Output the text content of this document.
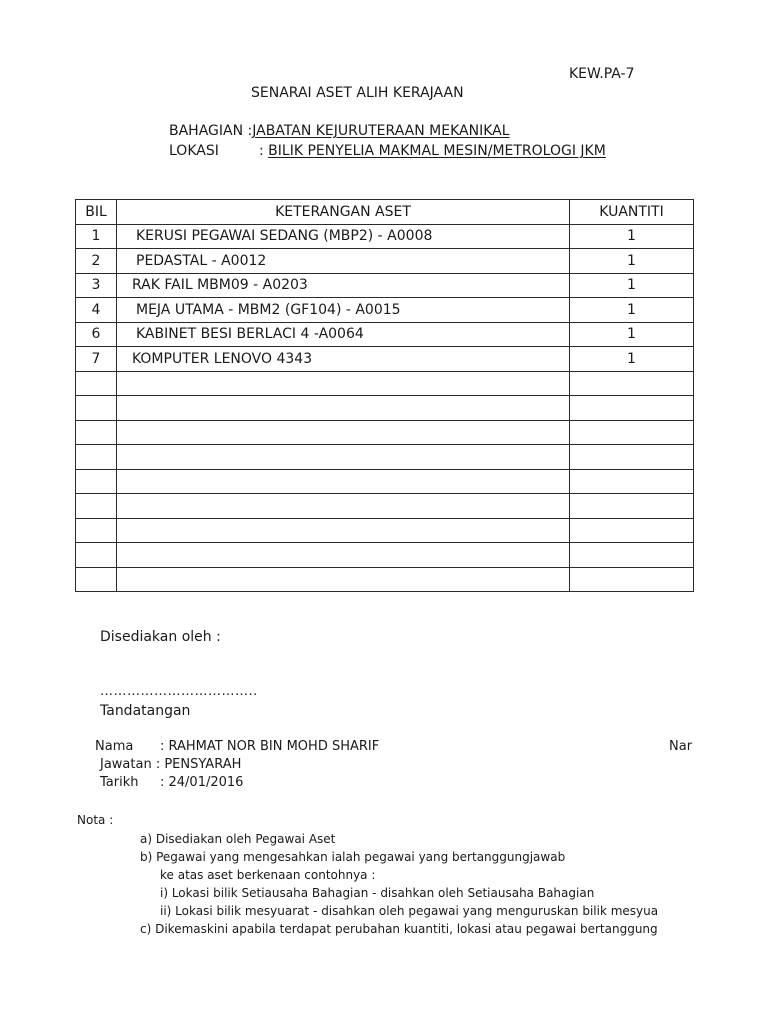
KEW.PA-7
SENARAI ASET ALIH KERAJAAN
BAHAGIAN :JABATAN KEJURUTERAAN MEKANIKAL
LOKASI	: BILIK PENYELIA MAKMAL MESIN/METROLOGI JKM
BIL	KETERANGAN ASET	KUANTITI
1	KERUSI PEGAWAI SEDANG (MBP2) - A0008	1
2	PEDASTAL - A0012	1
3	RAK FAIL MBM09 - A0203	1
4	MEJA UTAMA - MBM2 (GF104) - A0015	1
6	KABINET BESI BERLACI 4 -A0064	1
7	KOMPUTER LENOVO 4343	1

Disediakan oleh :
……………………………..
Tandatangan
Nama : RAHMAT NOR BIN MOHD SHARIF	Nar
Jawatan : PENSYARAH
Tarikh : 24/01/2016
Nota :
a) Disediakan oleh Pegawai Aset
b) Pegawai yang mengesahkan ialah pegawai yang bertanggungjawab
ke atas aset berkenaan contohnya :
i) Lokasi bilik Setiausaha Bahagian - disahkan oleh Setiausaha Bahagian
ii) Lokasi bilik mesyuarat - disahkan oleh pegawai yang menguruskan bilik mesyua
c) Dikemaskini apabila terdapat perubahan kuantiti, lokasi atau pegawai bertanggung
